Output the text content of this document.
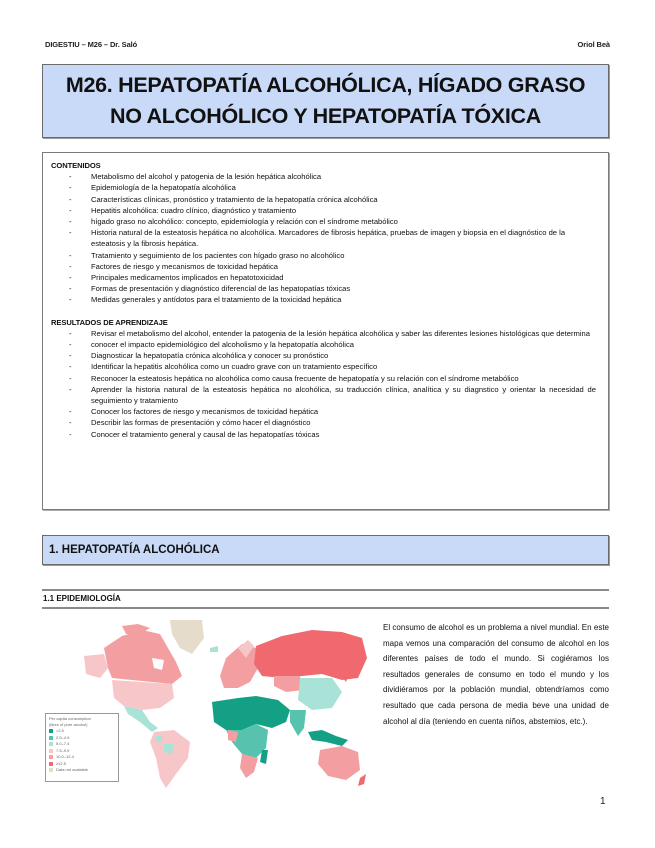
DIGESTIU – M26 – Dr. Saló	Oriol Beà
M26. HEPATOPATÍA ALCOHÓLICA, HÍGADO GRASO
NO ALCOHÓLICO Y HEPATOPATÍA TÓXICA
CONTENIDOS
- Metabolismo del alcohol y patogenia de la lesión hepática alcohólica
- Epidemiología de la hepatopatía alcohólica
- Características clínicas, pronóstico y tratamiento de la hepatopatía crónica alcohólica
- Hepatitis alcohólica: cuadro clínico, diagnóstico y tratamiento
- hígado graso no alcohólico: concepto, epidemiología y relación con el síndrome metabólico
- Historia natural de la esteatosis hepática no alcohólica. Marcadores de fibrosis hepática, pruebas de imagen y biopsia en el diagnóstico de la esteatosis y la fibrosis hepática.
- Tratamiento y seguimiento de los pacientes con hígado graso no alcohólico
- Factores de riesgo y mecanismos de toxicidad hepática
- Principales medicamentos implicados en hepatotoxicidad
- Formas de presentación y diagnóstico diferencial de las hepatopatías tóxicas
- Medidas generales y antídotos para el tratamiento de la toxicidad hepática
RESULTADOS DE APRENDIZAJE
- Revisar el metabolismo del alcohol, entender la patogenia de la lesión hepática alcohólica y saber las diferentes lesiones histológicas que determina
- conocer el impacto epidemiológico del alcoholismo y la hepatopatía alcohólica
- Diagnosticar la hepatopatía crónica alcohólica y conocer su pronóstico
- Identificar la hepatitis alcohólica como un cuadro grave con un tratamiento específico
- Reconocer la esteatosis hepática no alcohólica como causa frecuente de hepatopatía y su relación con el síndrome metabólico
- Aprender la historia natural de la esteatosis hepática no alcohólica, su traducción clínica, analítica y su diagnstico y orientar la necesidad de seguimiento y tratamiento
- Conocer los factores de riesgo y mecanismos de toxicidad hepática
- Describir las formas de presentación y cómo hacer el diagnóstico
- Conocer el tratamiento general y causal de las hepatopatías tóxicas
1. HEPATOPATÍA ALCOHÓLICA
1.1 EPIDEMIOLOGÍA
Per capita consumption
(litres of pure alcohol)
<2.5
2.5–4.9
5.0–7.4
7.5–9.9
10.0–12.4
≥12.5
Data not available
El consumo de alcohol es un problema a nivel mundial. En este mapa vemos una comparación del consumo de alcohol en los diferentes países de todo el mundo. Si cogiéramos los resultados generales de consumo en todo el mundo y los dividiéramos por la población mundial, obtendríamos como resultado que cada persona de media beve una unidad de alcohol al día (teniendo en cuenta niños, abstemios, etc.).
1
